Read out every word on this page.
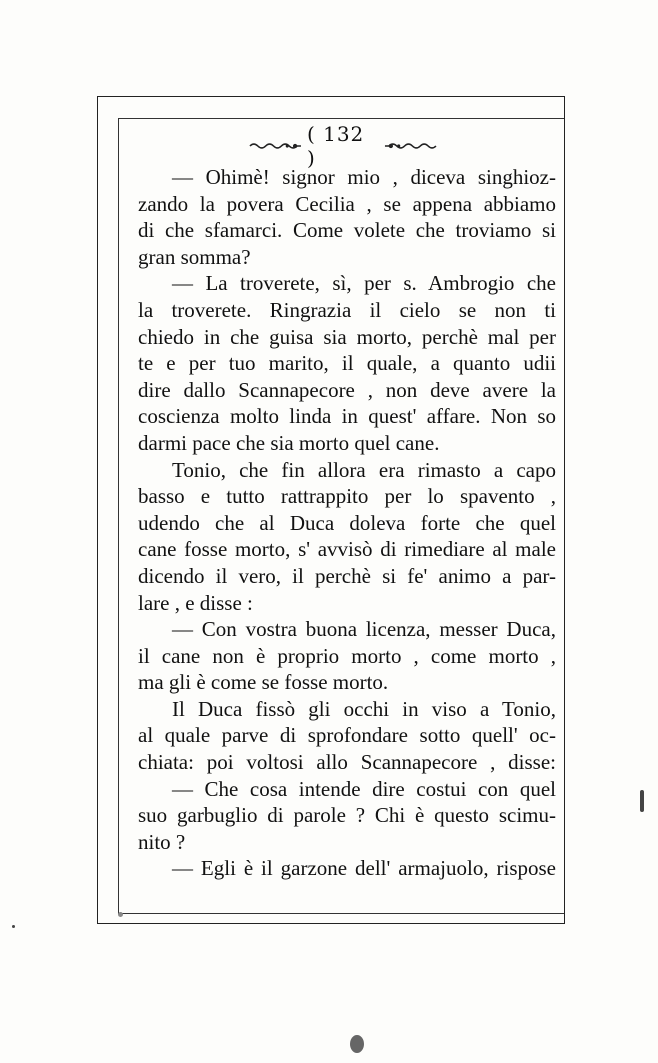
( 132 )
— Ohimè! signor mio , diceva singhioz-
zando la povera Cecilia , se appena abbiamo
di che sfamarci. Come volete che troviamo si
gran somma?
— La troverete, sì, per s. Ambrogio che
la troverete. Ringrazia il cielo se non ti
chiedo in che guisa sia morto, perchè mal per
te e per tuo marito, il quale, a quanto udii
dire dallo Scannapecore , non deve avere la
coscienza molto linda in quest' affare. Non so
darmi pace che sia morto quel cane.
Tonio, che fin allora era rimasto a capo
basso e tutto rattrappito per lo spavento ,
udendo che al Duca doleva forte che quel
cane fosse morto, s' avvisò di rimediare al male
dicendo il vero, il perchè si fe' animo a par-
lare , e disse :
— Con vostra buona licenza, messer Duca,
il cane non è proprio morto , come morto ,
ma gli è come se fosse morto.
Il Duca fissò gli occhi in viso a Tonio,
al quale parve di sprofondare sotto quell' oc-
chiata: poi voltosi allo Scannapecore , disse:
— Che cosa intende dire costui con quel
suo garbuglio di parole ? Chi è questo scimu-
nito ?
— Egli è il garzone dell' armajuolo, rispose
